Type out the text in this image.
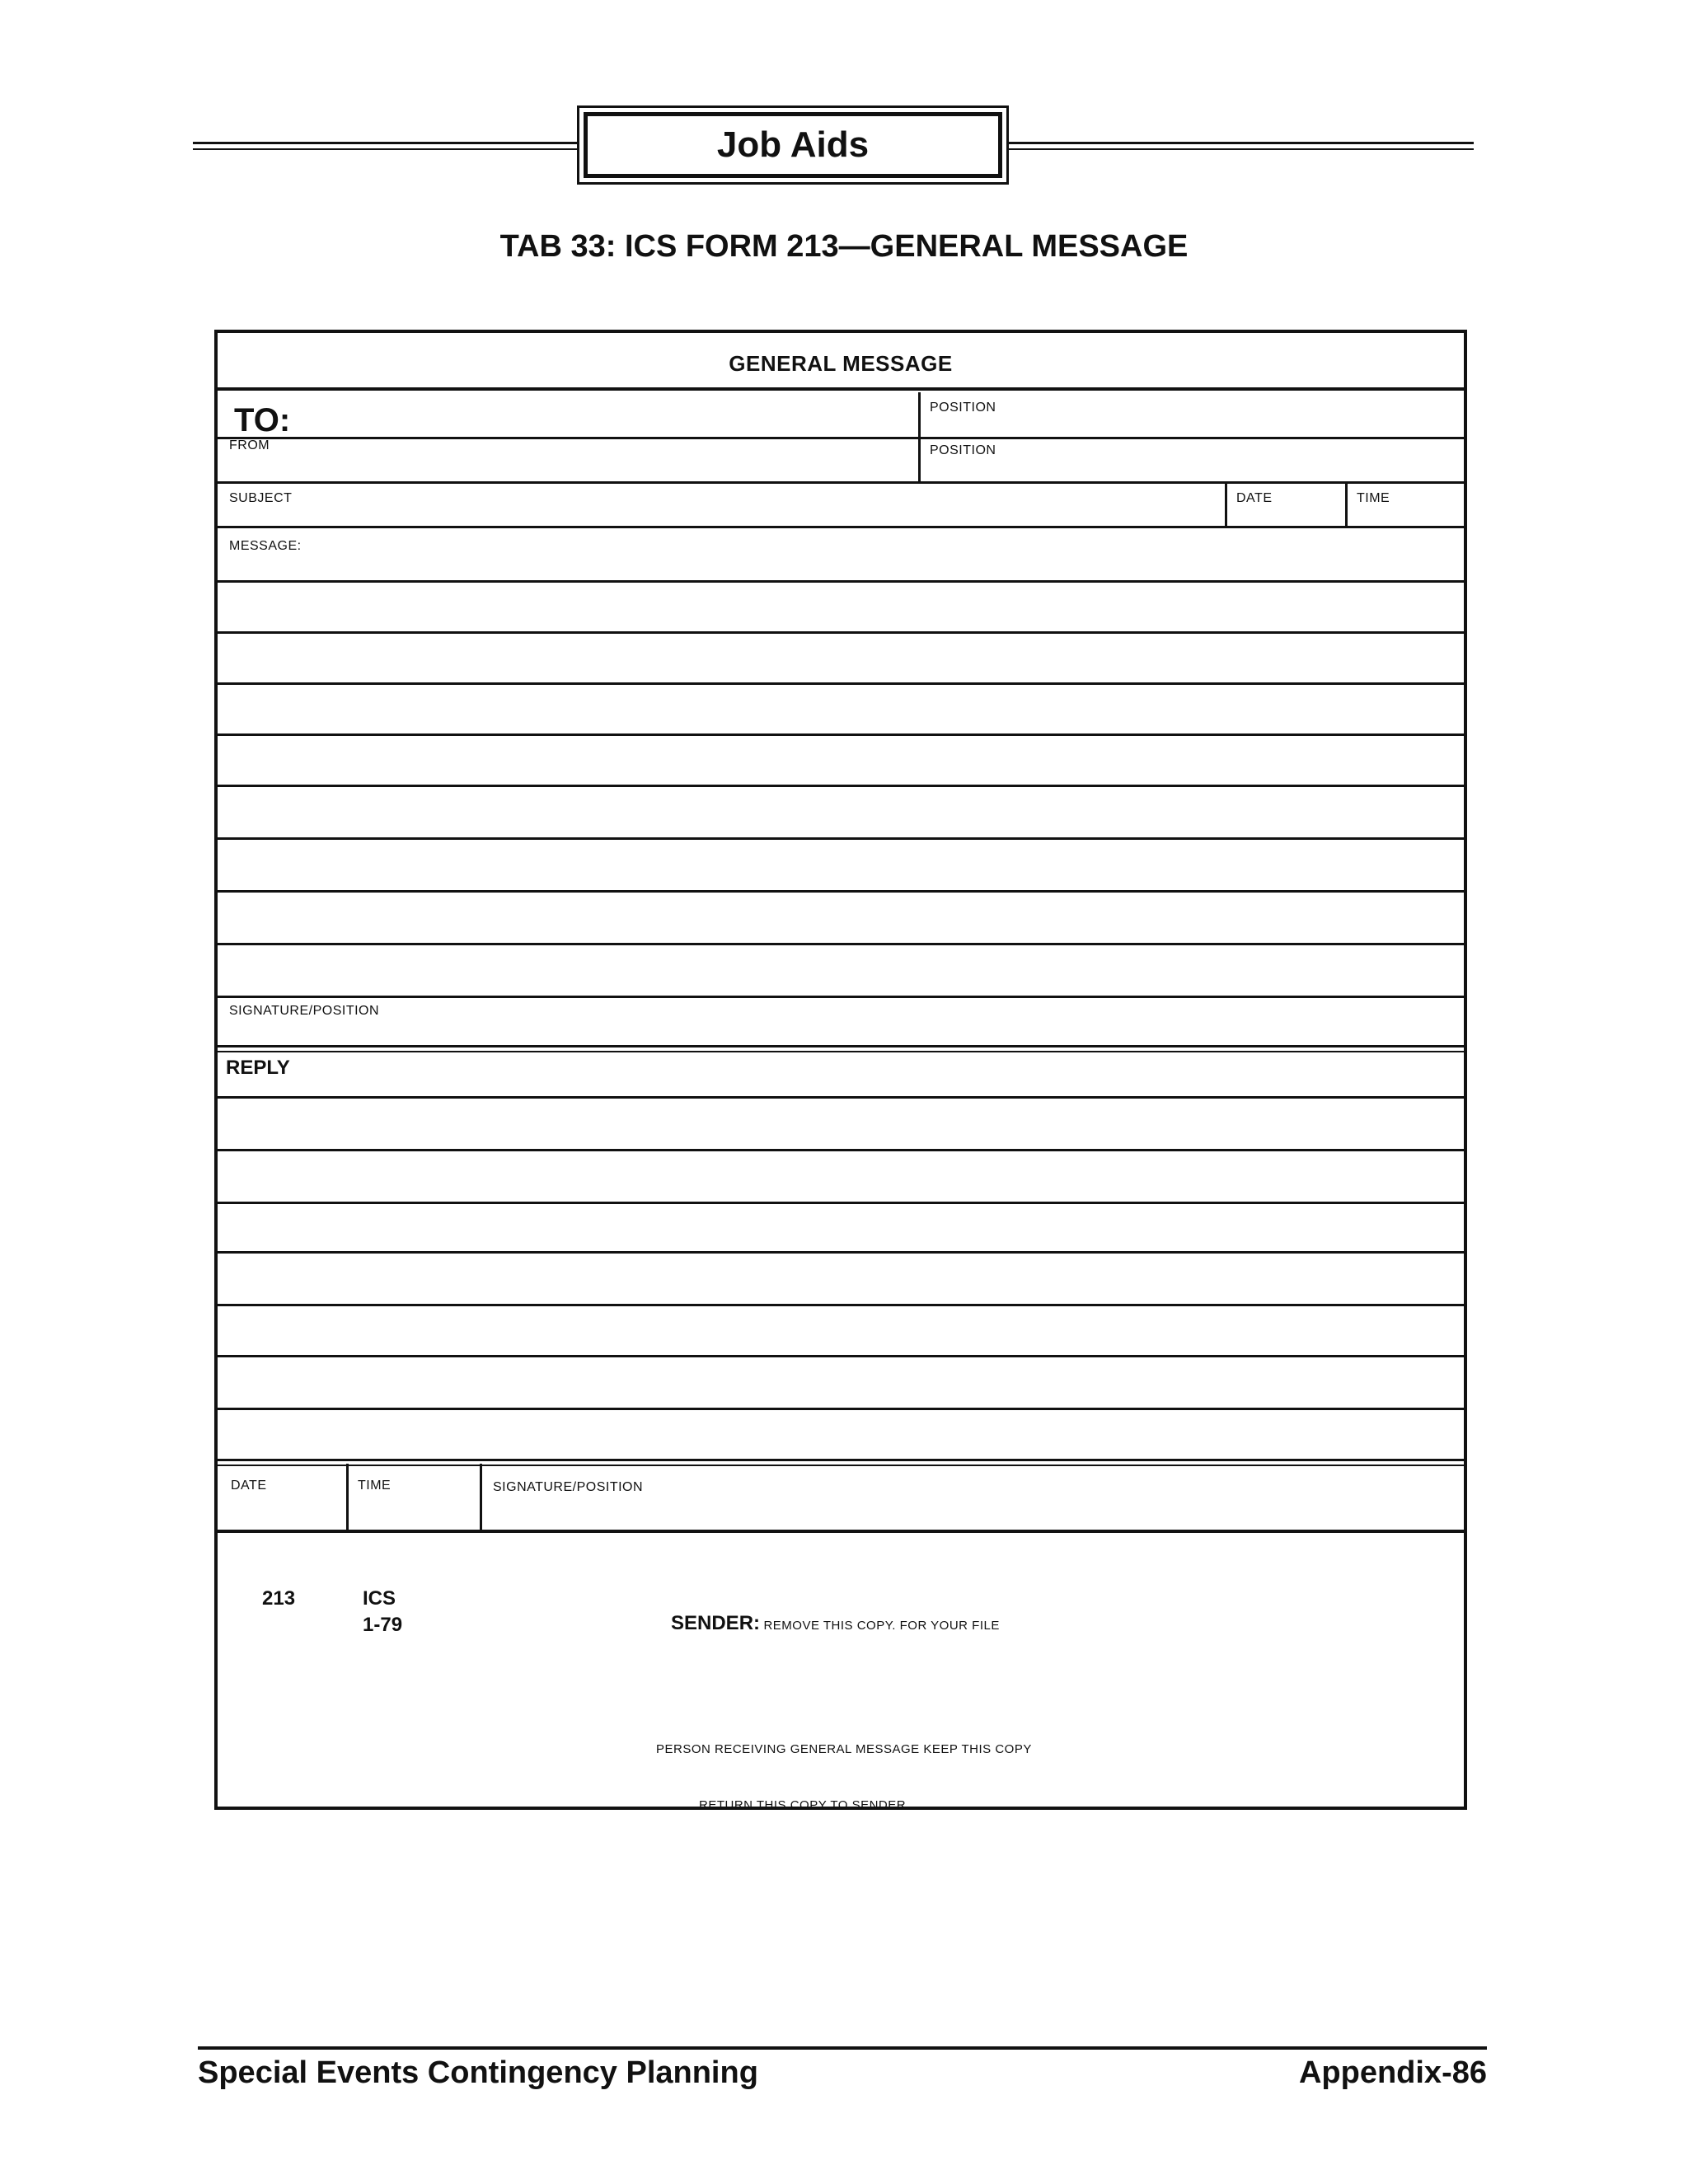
Job Aids
TAB 33: ICS FORM 213—GENERAL MESSAGE
GENERAL MESSAGE
TO:	POSITION
FROM	POSITION
SUBJECT	DATE	TIME
MESSAGE:
SIGNATURE/POSITION
REPLY
DATE	TIME	SIGNATURE/POSITION
213	ICS
1-79	SENDER: REMOVE THIS COPY. FOR YOUR FILE
PERSON RECEIVING GENERAL MESSAGE KEEP THIS COPY
RETURN THIS COPY TO SENDER
Special Events Contingency Planning	Appendix-86
